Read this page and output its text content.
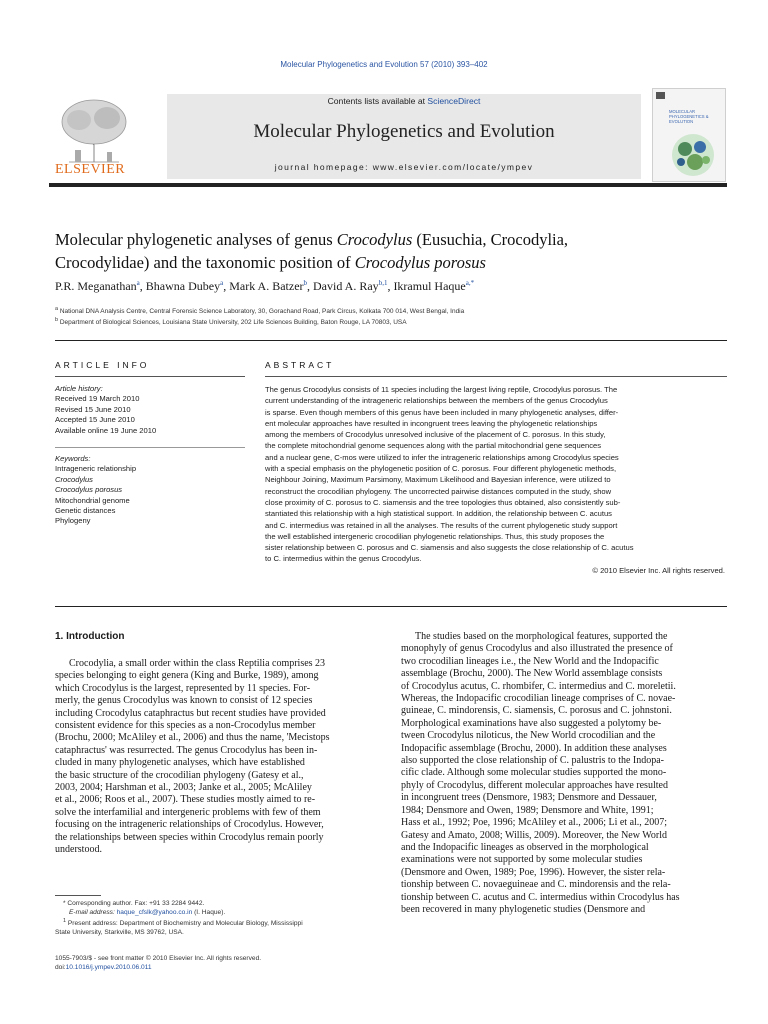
Molecular Phylogenetics and Evolution 57 (2010) 393–402
ELSEVIER
Contents lists available at ScienceDirect
Molecular Phylogenetics and Evolution
journal homepage: www.elsevier.com/locate/ympev
MOLECULAR PHYLOGENETICS & EVOLUTION
Molecular phylogenetic analyses of genus Crocodylus (Eusuchia, Crocodylia,
Crocodylidae) and the taxonomic position of Crocodylus porosus
P.R. Meganathan$^a$, Bhawna Dubey$^a$, Mark A. Batzer$^b$, David A. Ray$^{b,1}$, Ikramul Haque$^{a,*}$
$^a$ National DNA Analysis Centre, Central Forensic Science Laboratory, 30, Gorachand Road, Park Circus, Kolkata 700 014, West Bengal, India
$^b$ Department of Biological Sciences, Louisiana State University, 202 Life Sciences Building, Baton Rouge, LA 70803, USA
ARTICLE INFO
Article history:
Received 19 March 2010
Revised 15 June 2010
Accepted 15 June 2010
Available online 19 June 2010
Keywords:
Intrageneric relationship
Crocodylus
Crocodylus porosus
Mitochondrial genome
Genetic distances
Phylogeny
ABSTRACT
The genus Crocodylus consists of 11 species including the largest living reptile, Crocodylus porosus. The
current understanding of the intrageneric relationships between the members of the genus Crocodylus
is sparse. Even though members of this genus have been included in many phylogenetic analyses, differ-
ent molecular approaches have resulted in incongruent trees leaving the phylogenetic relationships
among the members of Crocodylus unresolved inclusive of the placement of C. porosus. In this study,
the complete mitochondrial genome sequences along with the partial mitochondrial gene sequences
and a nuclear gene, C-mos were utilized to infer the intrageneric relationships among Crocodylus species
with a special emphasis on the phylogenetic position of C. porosus. Four different phylogenetic methods,
Neighbour Joining, Maximum Parsimony, Maximum Likelihood and Bayesian inference, were utilized to
reconstruct the crocodilian phylogeny. The uncorrected pairwise distances computed in the study, show
close proximity of C. porosus to C. siamensis and the tree topologies thus obtained, also consistently sub-
stantiated this relationship with a high statistical support. In addition, the relationship between C. acutus
and C. intermedius was retained in all the analyses. The results of the current phylogenetic study support
the well established intergeneric crocodilian phylogenetic relationships. Thus, this study proposes the
sister relationship between C. porosus and C. siamensis and also suggests the close relationship of C. acutus
to C. intermedius within the genus Crocodylus.
© 2010 Elsevier Inc. All rights reserved.
1. Introduction
Crocodylia, a small order within the class Reptilia comprises 23
species belonging to eight genera (King and Burke, 1989), among
which Crocodylus is the largest, represented by 11 species. For-
merly, the genus Crocodylus was known to consist of 12 species
including Crocodylus cataphractus but recent studies have provided
consistent evidence for this species as a non-Crocodylus member
(Brochu, 2000; McAliley et al., 2006) and thus the name, 'Mecistops
cataphractus' was resurrected. The genus Crocodylus has been in-
cluded in many phylogenetic analyses, which have established
the basic structure of the crocodilian phylogeny (Gatesy et al.,
2003, 2004; Harshman et al., 2003; Janke et al., 2005; McAliley
et al., 2006; Roos et al., 2007). These studies mostly aimed to re-
solve the interfamilial and intergeneric problems with few of them
focusing on the intrageneric relationships of Crocodylus. However,
the relationships between species within Crocodylus remain poorly
understood.
* Corresponding author. Fax: +91 33 2284 9442.
E-mail address: haque_cfslk@yahoo.co.in (I. Haque).
$^1$ Present address: Department of Biochemistry and Molecular Biology, Mississippi
State University, Starkville, MS 39762, USA.
1055-7903/$ - see front matter © 2010 Elsevier Inc. All rights reserved.
doi:10.1016/j.ympev.2010.06.011
The studies based on the morphological features, supported the
monophyly of genus Crocodylus and also illustrated the presence of
two crocodilian lineages i.e., the New World and the Indopacific
assemblage (Brochu, 2000). The New World assemblage consists
of Crocodylus acutus, C. rhombifer, C. intermedius and C. moreletii.
Whereas, the Indopacific crocodilian lineage comprises of C. novae-
guineae, C. mindorensis, C. siamensis, C. porosus and C. johnstoni.
Morphological examinations have also suggested a polytomy be-
tween Crocodylus niloticus, the New World crocodilian and the
Indopacific assemblage (Brochu, 2000). In addition these analyses
also supported the close relationship of C. palustris to the Indopa-
cific clade. Although some molecular studies supported the mono-
phyly of Crocodylus, different molecular approaches have resulted
in incongruent trees (Densmore, 1983; Densmore and Dessauer,
1984; Densmore and Owen, 1989; Densmore and White, 1991;
Hass et al., 1992; Poe, 1996; McAliley et al., 2006; Li et al., 2007;
Gatesy and Amato, 2008; Willis, 2009). Moreover, the New World
and the Indopacific lineages as observed in the morphological
examinations were not supported by some molecular studies
(Densmore and Owen, 1989; Poe, 1996). However, the sister rela-
tionship between C. novaeguineae and C. mindorensis and the rela-
tionship between C. acutus and C. intermedius within Crocodylus has
been recovered in many phylogenetic studies (Densmore and
